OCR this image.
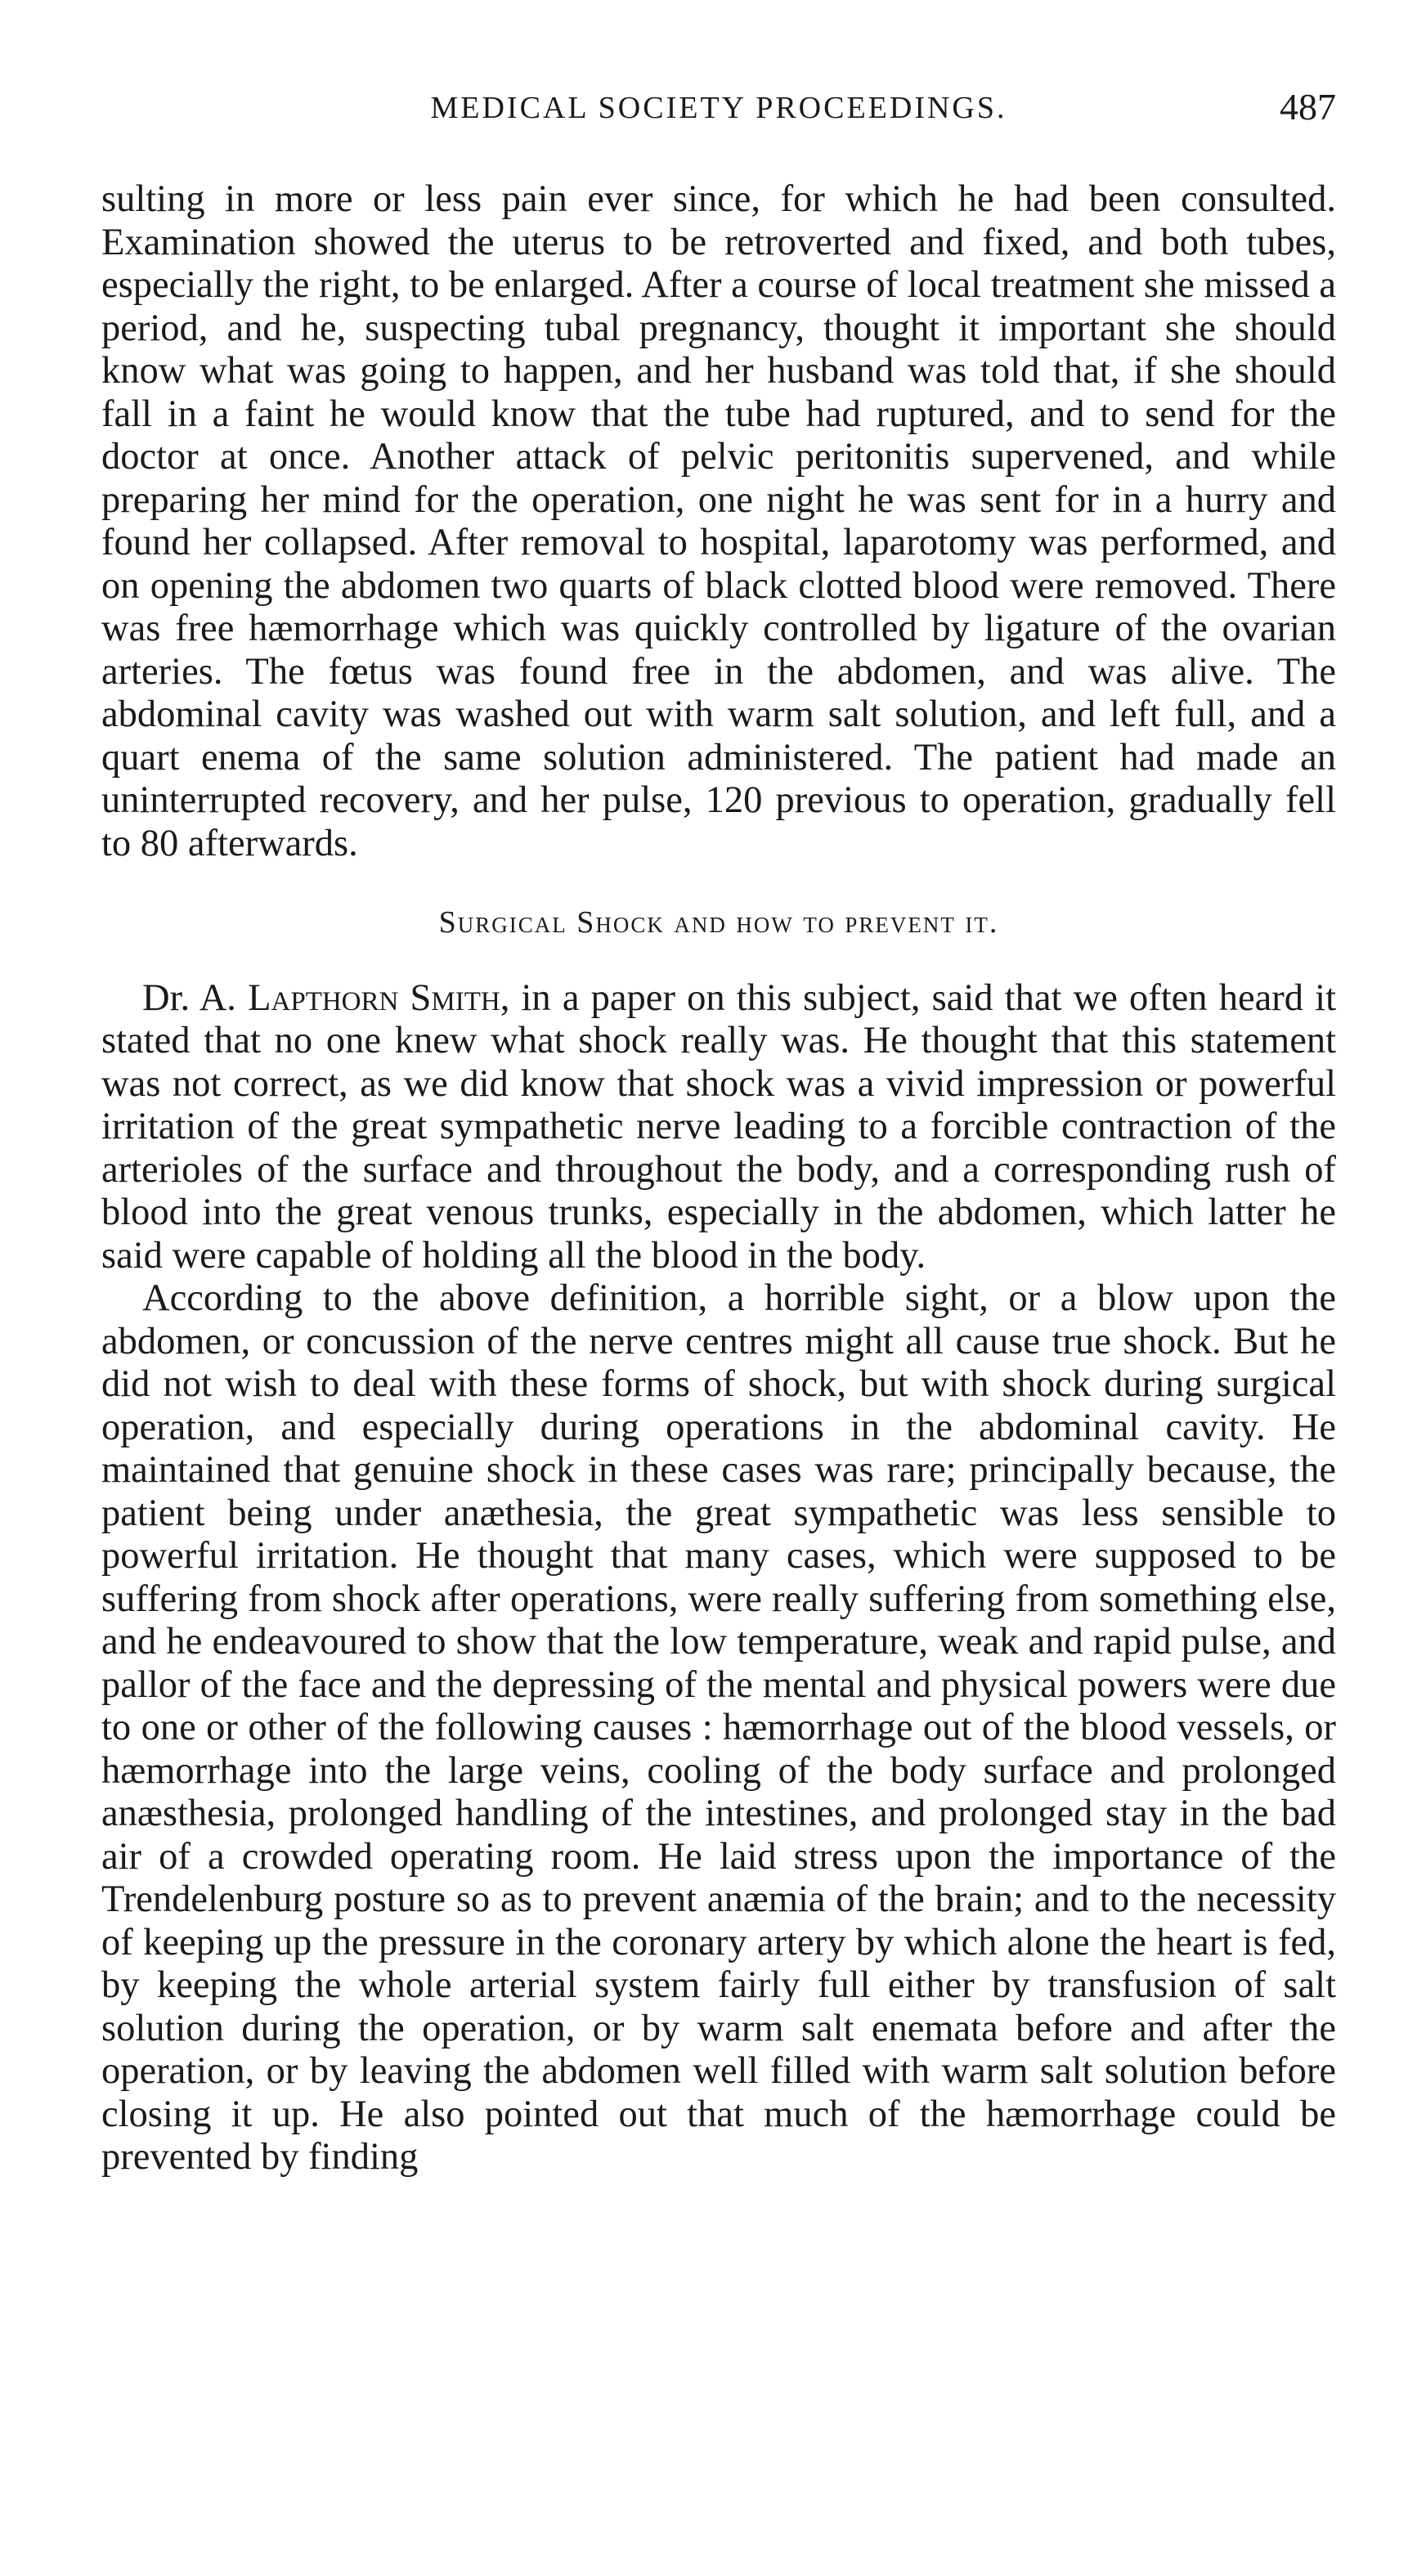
MEDICAL SOCIETY PROCEEDINGS.	487

sulting in more or less pain ever since, for which he had been consulted. Examination showed the uterus to be retroverted and fixed, and both tubes, especially the right, to be enlarged. After a course of local treatment she missed a period, and he, suspecting tubal pregnancy, thought it important she should know what was going to happen, and her husband was told that, if she should fall in a faint he would know that the tube had ruptured, and to send for the doctor at once. Another attack of pelvic peritonitis supervened, and while preparing her mind for the operation, one night he was sent for in a hurry and found her collapsed. After removal to hospital, laparotomy was performed, and on opening the abdomen two quarts of black clotted blood were removed. There was free hæmorrhage which was quickly controlled by ligature of the ovarian arteries. The fœtus was found free in the abdomen, and was alive. The abdominal cavity was washed out with warm salt solution, and left full, and a quart enema of the same solution administered. The patient had made an uninterrupted recovery, and her pulse, 120 previous to operation, gradually fell to 80 afterwards.

Surgical Shock and how to prevent it.

Dr. A. Lapthorn Smith, in a paper on this subject, said that we often heard it stated that no one knew what shock really was. He thought that this statement was not correct, as we did know that shock was a vivid impression or powerful irritation of the great sympathetic nerve leading to a forcible contraction of the arterioles of the surface and throughout the body, and a corresponding rush of blood into the great venous trunks, especially in the abdomen, which latter he said were capable of holding all the blood in the body.

According to the above definition, a horrible sight, or a blow upon the abdomen, or concussion of the nerve centres might all cause true shock. But he did not wish to deal with these forms of shock, but with shock during surgical operation, and especially during operations in the abdominal cavity. He maintained that genuine shock in these cases was rare; principally because, the patient being under anæthesia, the great sympathetic was less sensible to powerful irritation. He thought that many cases, which were supposed to be suffering from shock after operations, were really suffering from something else, and he endeavoured to show that the low temperature, weak and rapid pulse, and pallor of the face and the depressing of the mental and physical powers were due to one or other of the following causes : hæmorrhage out of the blood vessels, or hæmorrhage into the large veins, cooling of the body surface and prolonged anæsthesia, prolonged handling of the intestines, and prolonged stay in the bad air of a crowded operating room. He laid stress upon the importance of the Trendelenburg posture so as to prevent anæmia of the brain; and to the necessity of keeping up the pressure in the coronary artery by which alone the heart is fed, by keeping the whole arterial system fairly full either by transfusion of salt solution during the operation, or by warm salt enemata before and after the operation, or by leaving the abdomen well filled with warm salt solution before closing it up. He also pointed out that much of the hæmorrhage could be prevented by finding
